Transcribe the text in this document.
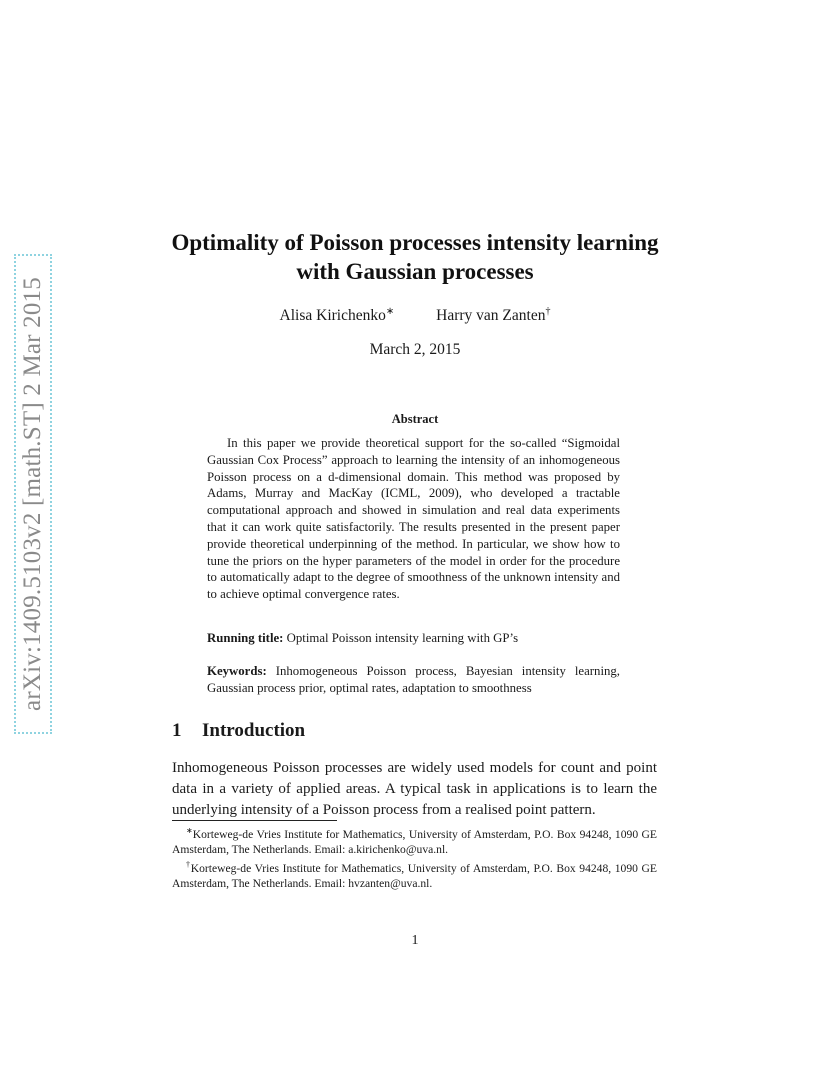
arXiv:1409.5103v2 [math.ST] 2 Mar 2015
Optimality of Poisson processes intensity learning with Gaussian processes
Alisa Kirichenko∗	Harry van Zanten†
March 2, 2015
Abstract
In this paper we provide theoretical support for the so-called “Sigmoidal Gaussian Cox Process” approach to learning the intensity of an inhomogeneous Poisson process on a d-dimensional domain. This method was proposed by Adams, Murray and MacKay (ICML, 2009), who developed a tractable computational approach and showed in simulation and real data experiments that it can work quite satisfactorily. The results presented in the present paper provide theoretical underpinning of the method. In particular, we show how to tune the priors on the hyper parameters of the model in order for the procedure to automatically adapt to the degree of smoothness of the unknown intensity and to achieve optimal convergence rates.
Running title: Optimal Poisson intensity learning with GP’s
Keywords: Inhomogeneous Poisson process, Bayesian intensity learning, Gaussian process prior, optimal rates, adaptation to smoothness
1 Introduction
Inhomogeneous Poisson processes are widely used models for count and point data in a variety of applied areas. A typical task in applications is to learn the underlying intensity of a Poisson process from a realised point pattern.

∗Korteweg-de Vries Institute for Mathematics, University of Amsterdam, P.O. Box 94248, 1090 GE Amsterdam, The Netherlands. Email: a.kirichenko@uva.nl.

†Korteweg-de Vries Institute for Mathematics, University of Amsterdam, P.O. Box 94248, 1090 GE Amsterdam, The Netherlands. Email: hvzanten@uva.nl.

1
